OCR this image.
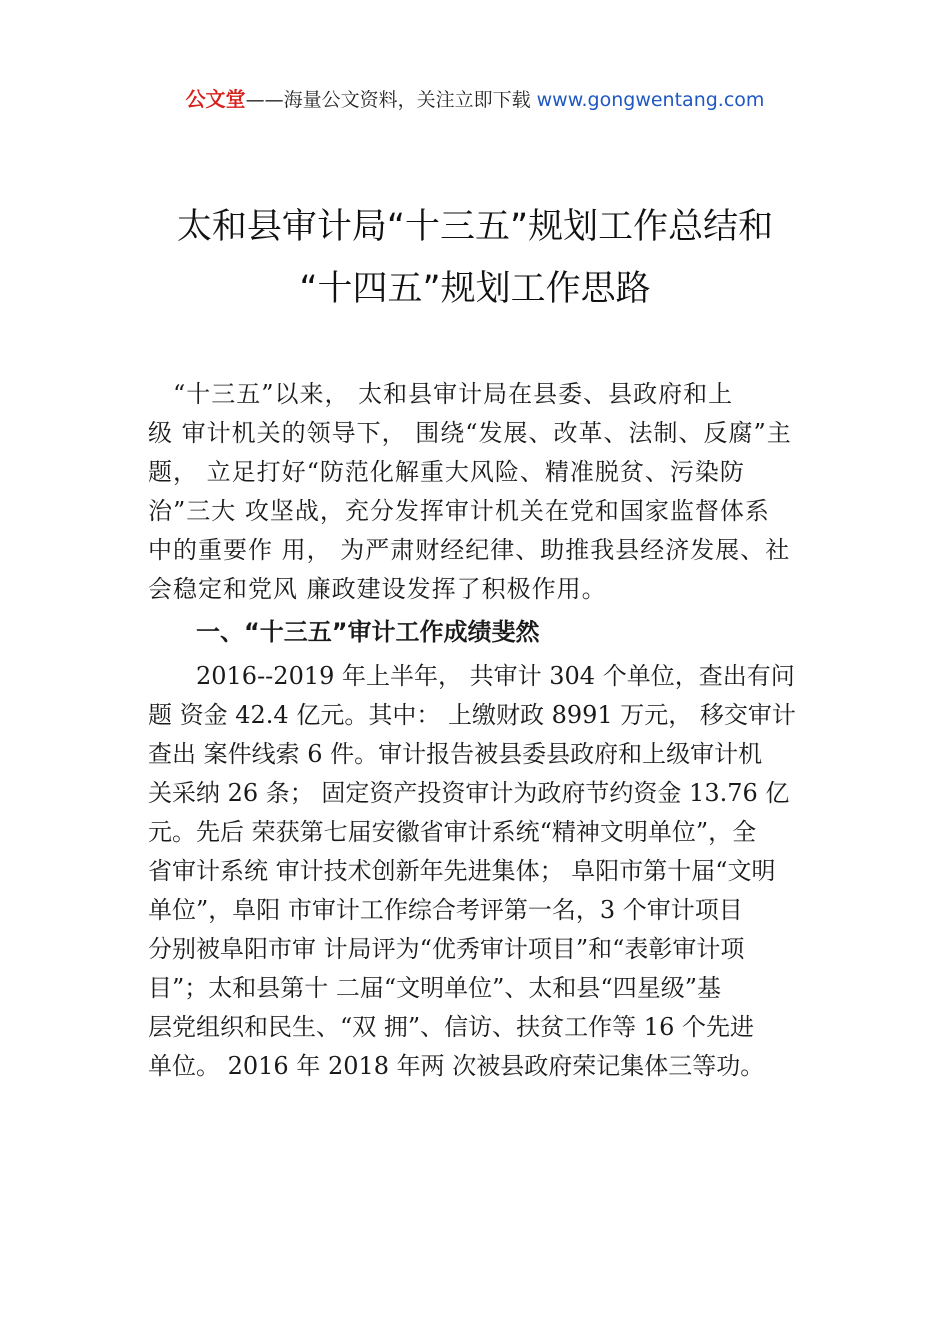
公文堂——海量公文资料，关注立即下载 www.gongwentang.com
太和县审计局“十三五”规划工作总结和
“十四五”规划工作思路
　“十三五”以来， 太和县审计局在县委、县政府和上
级 审计机关的领导下， 围绕“发展、改革、法制、反腐”主
题， 立足打好“防范化解重大风险、精准脱贫、污染防
治”三大 攻坚战，充分发挥审计机关在党和国家监督体系
中的重要作 用， 为严肃财经纪律、助推我县经济发展、社
会稳定和党风 廉政建设发挥了积极作用。
一、“十三五”审计工作成绩斐然
　　2016--2019 年上半年， 共审计 304 个单位，查出有问
题 资金 42.4 亿元。其中： 上缴财政 8991 万元， 移交审计
查出 案件线索 6 件。审计报告被县委县政府和上级审计机
关采纳 26 条； 固定资产投资审计为政府节约资金 13.76 亿
元。先后 荣获第七届安徽省审计系统“精神文明单位”，全
省审计系统 审计技术创新年先进集体； 阜阳市第十届“文明
单位”，阜阳 市审计工作综合考评第一名，3 个审计项目
分别被阜阳市审 计局评为“优秀审计项目”和“表彰审计项
目”；太和县第十 二届“文明单位”、太和县“四星级”基
层党组织和民生、“双 拥”、信访、扶贫工作等 16 个先进
单位。 2016 年 2018 年两 次被县政府荣记集体三等功。
